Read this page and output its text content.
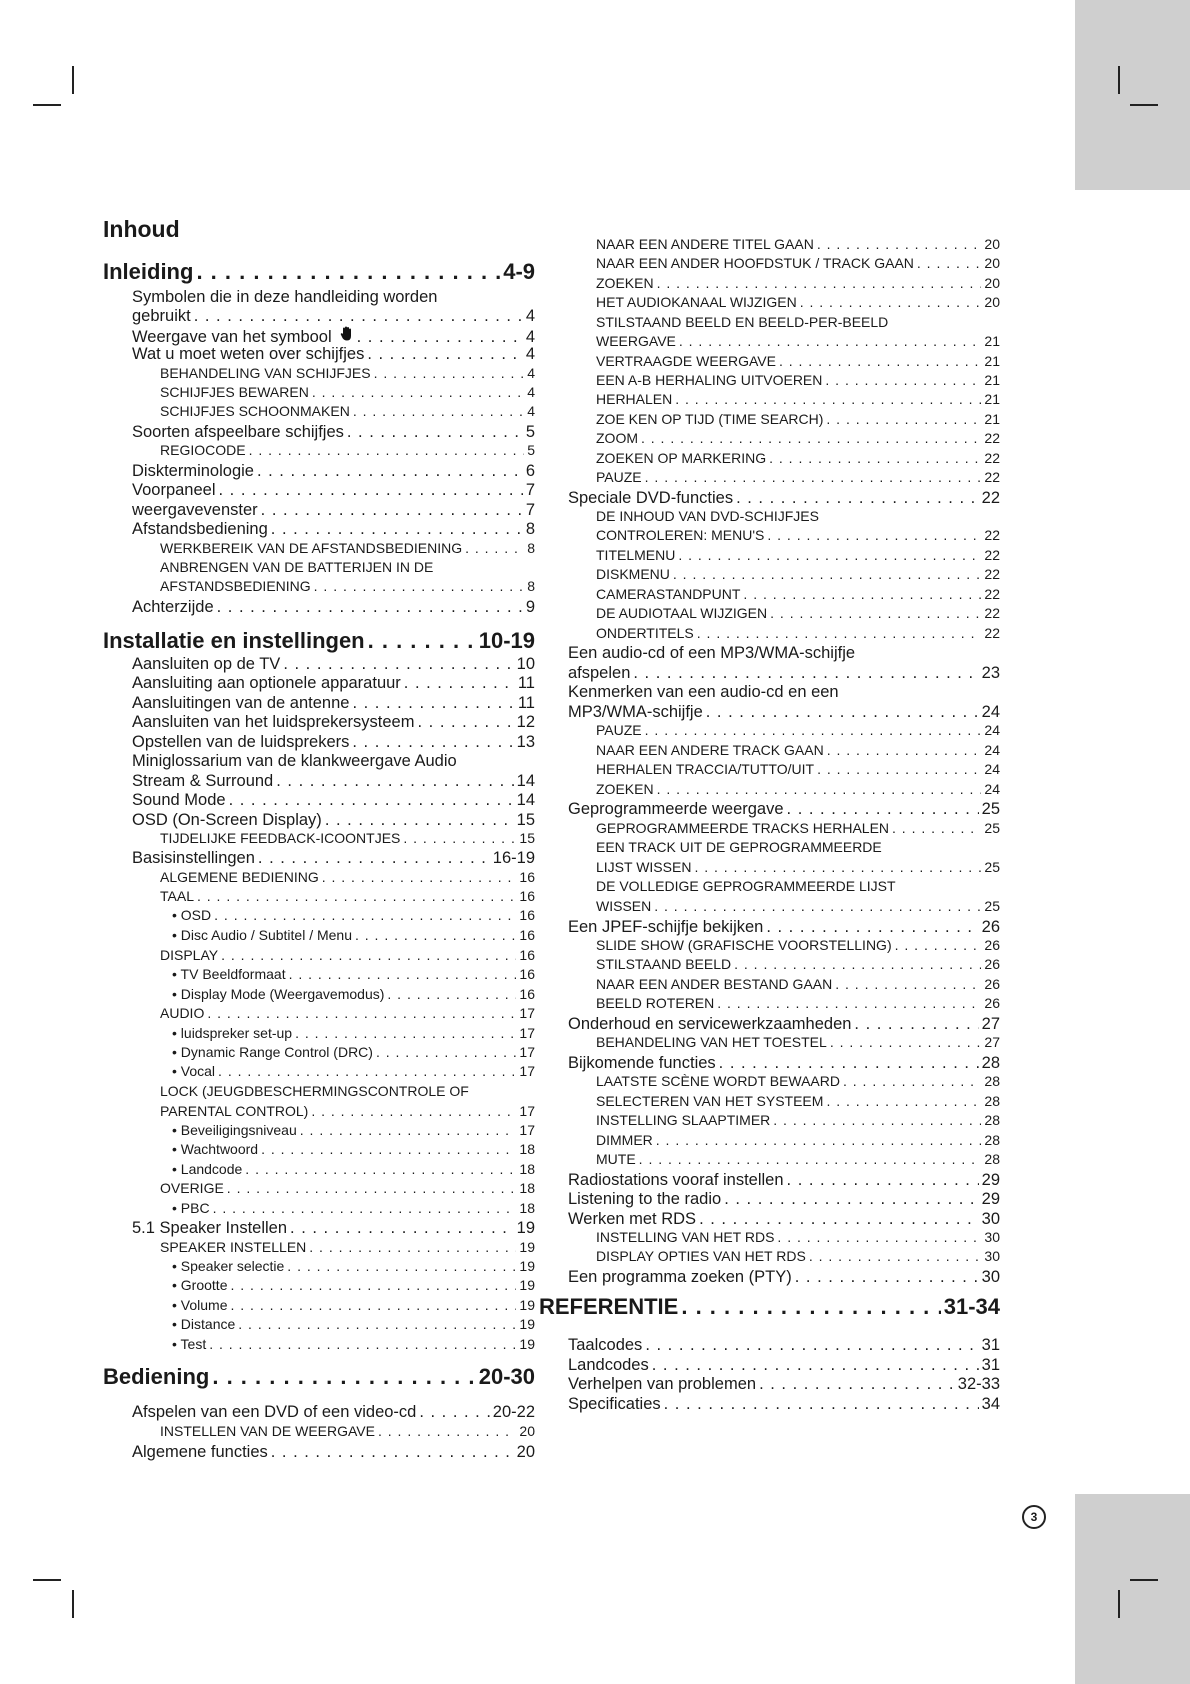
Inhoud
Inleiding . . .	4-9
Symbolen die in deze handleiding worden
gebruikt . . .	4
Weergave van het symbool . . .	4
Wat u moet weten over schijfjes . . .	4
BEHANDELING VAN SCHIJFJES . . .	4
SCHIJFJES BEWAREN . . .	4
SCHIJFJES SCHOONMAKEN . . .	4
Soorten afspeelbare schijfjes . . .	5
REGIOCODE . . .	5
Diskterminologie . . .	6
Voorpaneel . . .	7
weergavevenster . . .	7
Afstandsbediening . . .	8
WERKBEREIK VAN DE AFSTANDSBEDIENING . . .	8
ANBRENGEN VAN DE BATTERIJEN IN DE
AFSTANDSBEDIENING . . .	8
Achterzijde . . .	9
Installatie en instellingen . . .	10-19
Aansluiten op de TV . . .	10
Aansluiting aan optionele apparatuur . . .	11
Aansluitingen van de antenne . . .	11
Aansluiten van het luidsprekersysteem . . .	12
Opstellen van de luidsprekers . . .	13
Miniglossarium van de klankweergave Audio
Stream & Surround . . .	14
Sound Mode . . .	14
OSD (On-Screen Display) . . .	15
TIJDELIJKE FEEDBACK-ICOONTJES . . .	15
Basisinstellingen . . .	16-19
ALGEMENE BEDIENING . . .	16
TAAL . . .	16
• OSD . . .	16
• Disc Audio / Subtitel / Menu . . .	16
DISPLAY . . .	16
• TV Beeldformaat . . .	16
• Display Mode (Weergavemodus) . . .	16
AUDIO . . .	17
• luidspreker set-up . . .	17
• Dynamic Range Control (DRC) . . .	17
• Vocal . . .	17
LOCK (JEUGDBESCHERMINGSCONTROLE OF
PARENTAL CONTROL) . . .	17
• Beveiligingsniveau . . .	17
• Wachtwoord . . .	18
• Landcode . . .	18
OVERIGE . . .	18
• PBC . . .	18
5.1 Speaker Instellen . . .	19
SPEAKER INSTELLEN . . .	19
• Speaker selectie . . .	19
• Grootte . . .	19
• Volume . . .	19
• Distance . . .	19
• Test . . .	19
Bediening . . .	20-30
Afspelen van een DVD of een video-cd . . .	20-22
INSTELLEN VAN DE WEERGAVE . . .	20
Algemene functies . . .	20
NAAR EEN ANDERE TITEL GAAN . . .	20
NAAR EEN ANDER HOOFDSTUK / TRACK GAAN . . .	20
ZOEKEN . . .	20
HET AUDIOKANAAL WIJZIGEN . . .	20
STILSTAAND BEELD EN BEELD-PER-BEELD
WEERGAVE . . .	21
VERTRAAGDE WEERGAVE . . .	21
EEN A-B HERHALING UITVOEREN . . .	21
HERHALEN . . .	21
ZOE KEN OP TIJD (TIME SEARCH) . . .	21
ZOOM . . .	22
ZOEKEN OP MARKERING . . .	22
PAUZE . . .	22
Speciale DVD-functies . . .	22
DE INHOUD VAN DVD-SCHIJFJES
CONTROLEREN: MENU'S . . .	22
TITELMENU . . .	22
DISKMENU . . .	22
CAMERASTANDPUNT . . .	22
DE AUDIOTAAL WIJZIGEN . . .	22
ONDERTITELS . . .	22
Een audio-cd of een MP3/WMA-schijfje
afspelen . . .	23
Kenmerken van een audio-cd en een
MP3/WMA-schijfje . . .	24
PAUZE . . .	24
NAAR EEN ANDERE TRACK GAAN . . .	24
HERHALEN TRACCIA/TUTTO/UIT . . .	24
ZOEKEN . . .	24
Geprogrammeerde weergave . . .	25
GEPROGRAMMEERDE TRACKS HERHALEN . . .	25
EEN TRACK UIT DE GEPROGRAMMEERDE
LIJST WISSEN . . .	25
DE VOLLEDIGE GEPROGRAMMEERDE LIJST
WISSEN . . .	25
Een JPEF-schijfje bekijken . . .	26
SLIDE SHOW (GRAFISCHE VOORSTELLING) . . .	26
STILSTAAND BEELD . . .	26
NAAR EEN ANDER BESTAND GAAN . . .	26
BEELD ROTEREN . . .	26
Onderhoud en servicewerkzaamheden . . .	27
BEHANDELING VAN HET TOESTEL . . .	27
Bijkomende functies . . .	28
LAATSTE SCÈNE WORDT BEWAARD . . .	28
SELECTEREN VAN HET SYSTEEM . . .	28
INSTELLING SLAAPTIMER . . .	28
DIMMER . . .	28
MUTE . . .	28
Radiostations vooraf instellen . . .	29
Listening to the radio . . .	29
Werken met RDS . . .	30
INSTELLING VAN HET RDS . . .	30
DISPLAY OPTIES VAN HET RDS . . .	30
Een programma zoeken (PTY) . . .	30
REFERENTIE . . .	31-34
Taalcodes . . .	31
Landcodes . . .	31
Verhelpen van problemen . . .	32-33
Specificaties . . .	34
3
